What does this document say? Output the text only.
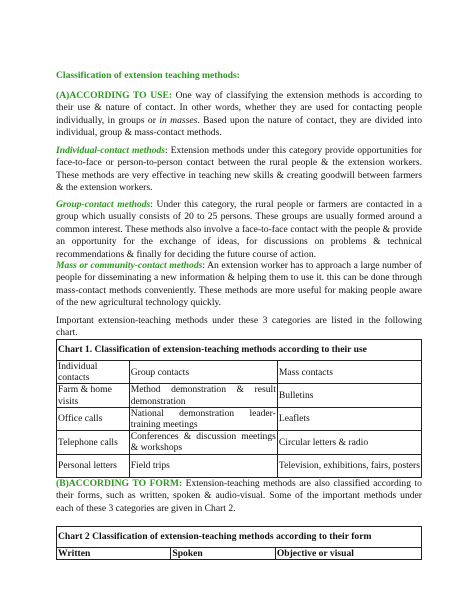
Classification of extension teaching methods:
(A)ACCORDING TO USE: One way of classifying the extension methods is according to their use & nature of contact. In other words, whether they are used for contacting people individually, in groups or in masses. Based upon the nature of contact, they are divided into individual, group & mass-contact methods.
Individual-contact methods: Extension methods under this category provide opportunities for face-to-face or person-to-person contact between the rural people & the extension workers. These methods are very effective in teaching new skills & creating goodwill between farmers & the extension workers.
Group-contact methods: Under this category, the rural people or farmers are contacted in a group which usually consists of 20 to 25 persons. These groups are usually formed around a common interest. These methods also involve a face-to-face contact with the people & provide an opportunity for the exchange of ideas, for discussions on problems & technical recommendations & finally for deciding the future course of action.
Mass or community-contact methods: An extension worker has to approach a large number of people for disseminating a new information & helping them to use it. this can be done through mass-contact methods conveniently. These methods are more useful for making people aware of the new agricultural technology quickly.
Important extension-teaching methods under these 3 categories are listed in the following chart.
Chart 1. Classification of extension-teaching methods according to their use		
Individual contacts	Group contacts	Mass contacts
Farm & home visits	Method demonstration & result demonstration	Bulletins
Office calls	National demonstration leader-training meetings	Leaflets
Telephone calls	Conferences & discussion meetings & workshops	Circular letters & radio
Personal letters	Field trips	Television, exhibitions, fairs, posters
(B)ACCORDING TO FORM: Extension-teaching methods are also classified according to their forms, such as written, spoken & audio-visual. Some of the important methods under each of these 3 categories are given in Chart 2.
Chart 2 Classification of extension-teaching methods according to their form
Written	Spoken	Objective or visual
